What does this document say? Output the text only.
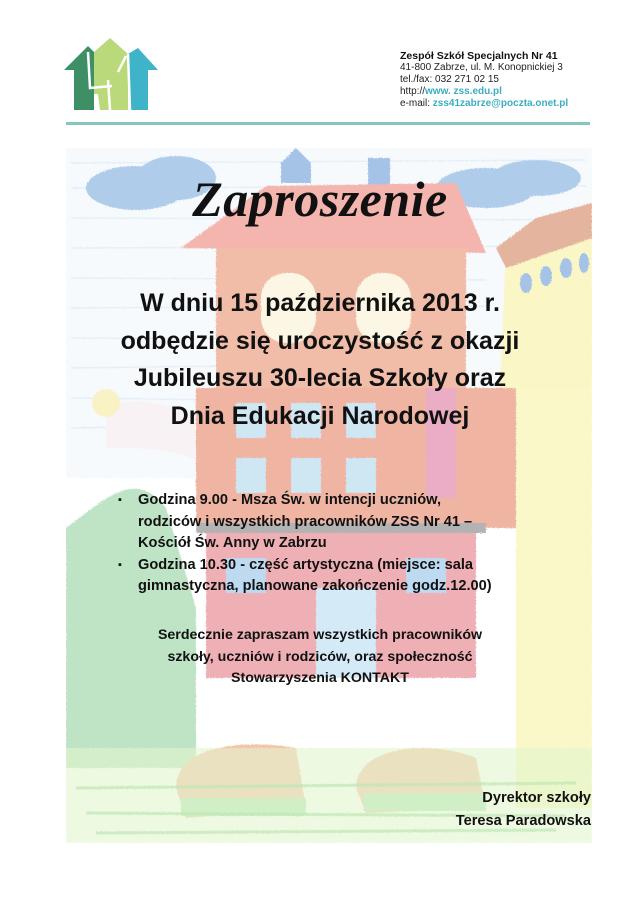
Zespół Szkół Specjalnych Nr 41
41-800 Zabrze, ul. M. Konopnickiej 3
tel./fax: 032 271 02 15
http://www. zss.edu.pl
e-mail: zss41zabrze@poczta.onet.pl
Zaproszenie
W dniu 15 października 2013 r.
odbędzie się uroczystość z okazji
Jubileuszu 30-lecia Szkoły oraz
Dnia Edukacji Narodowej
▪ Godzina 9.00 - Msza Św. w intencji uczniów,
rodziców i wszystkich pracowników ZSS Nr 41 –
Kościół Św. Anny w Zabrzu
▪ Godzina 10.30 - część artystyczna (miejsce: sala
gimnastyczna, planowane zakończenie godz.12.00)
Serdecznie zapraszam wszystkich pracowników
szkoły, uczniów i rodziców, oraz społeczność
Stowarzyszenia KONTAKT
Dyrektor szkoły
Teresa Paradowska
